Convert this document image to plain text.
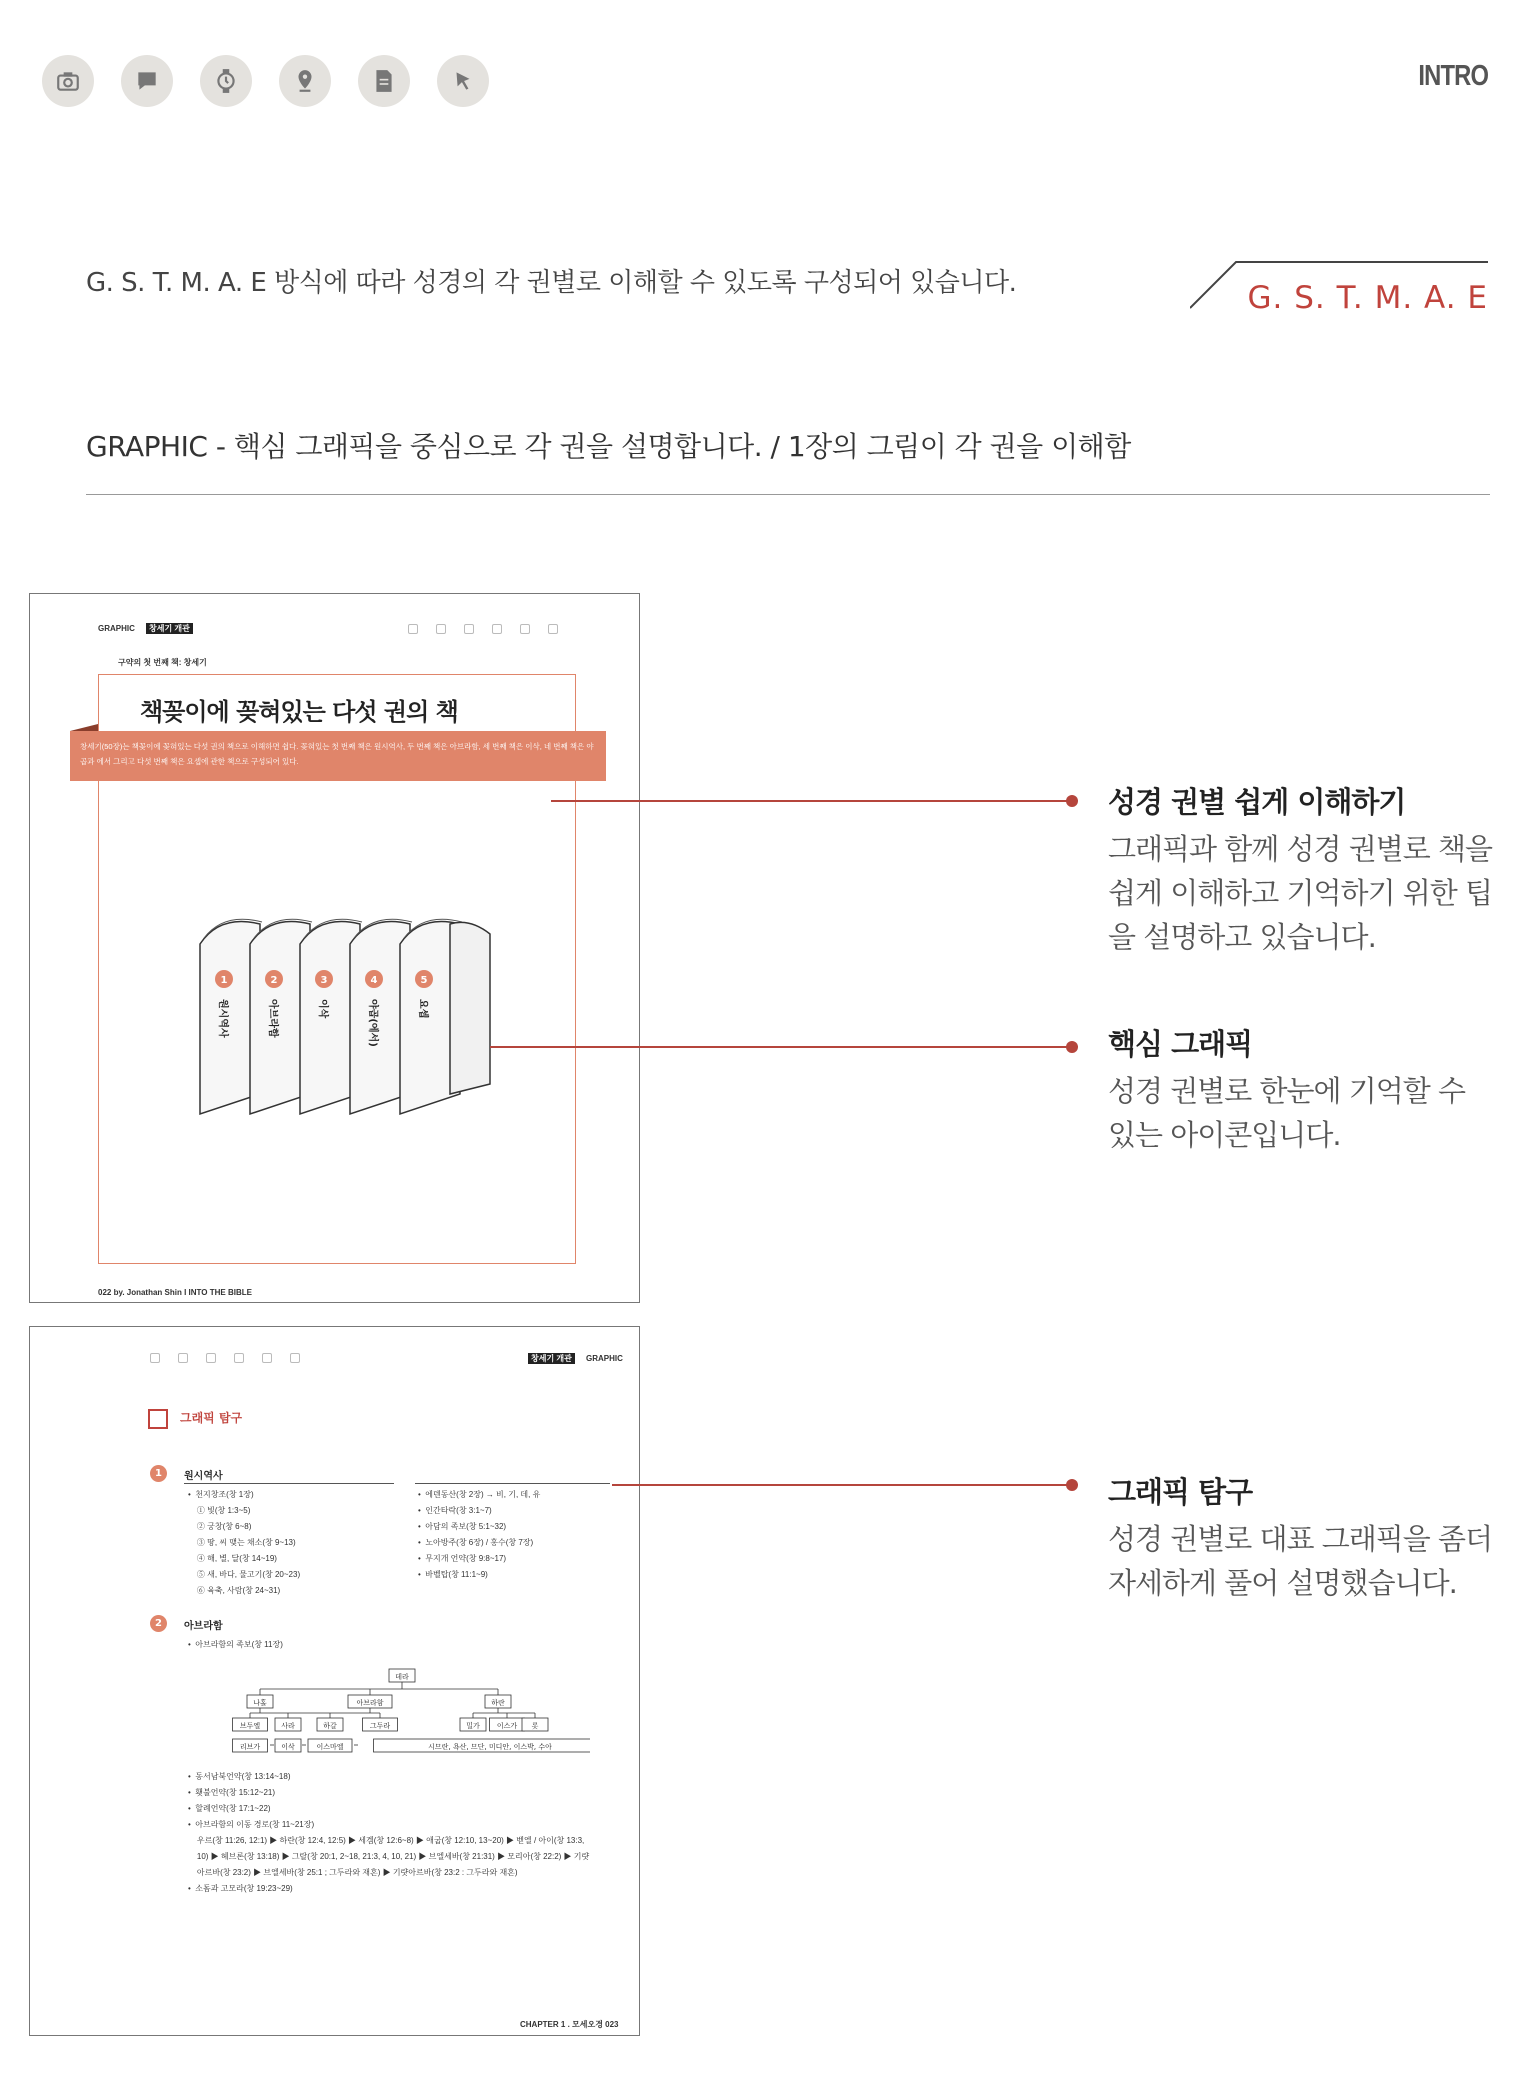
INTRO
G. S. T. M. A. E 방식에 따라 성경의 각 권별로 이해할 수 있도록 구성되어 있습니다.	G. S. T. M. A. E
GRAPHIC - 핵심 그래픽을 중심으로 각 권을 설명합니다. / 1장의 그림이 각 권을 이해함
GRAPHIC	창세기 개관
구약의 첫 번째 책: 창세기
책꽂이에 꽂혀있는 다섯 권의 책
창세기(50장)는 책꽂이에 꽂혀있는 다섯 권의 책으로 이해하면 쉽다. 꽂혀있는 첫 번째 책은 원시역사, 두 번째 책은 아브라함, 세 번째 책은 이삭, 네 번째 책은 야곱과 에서 그리고 다섯 번째 책은 요셉에 관한 책으로 구성되어 있다.
1
원시역사
2
아브라함
3
이삭
4
야곱(에서)
5
요셉
022 by. Jonathan Shin I INTO THE BIBLE
창세기 개관	GRAPHIC
그래픽 탐구
1	원시역사
•  천지창조(창 1장)
① 빛(창 1:3~5)
② 궁창(창 6~8)
③ 땅, 씨 맺는 채소(창 9~13)
④ 해, 별, 달(창 14~19)
⑤ 새, 바다, 물고기(창 20~23)
⑥ 육축, 사람(창 24~31)
•  에덴동산(창 2장) → 비, 기, 데, 유
•  인간타락(창 3:1~7)
•  아담의 족보(창 5:1~32)
•  노아방주(창 6장) / 홍수(창 7장)
•  무지개 언약(창 9:8~17)
•  바벨탑(창 11:1~9)
2	아브라함
•  아브라함의 족보(창 11장)
데라
나홀	아브라함	하란
브두엘	사라	하갈	그두라	밀가 이스가 롯
리브가	이삭	이스마엘	시므란, 욕산, 므단, 미디안, 이스박, 수아
•  동서남북언약(창 13:14~18)
•  횃불언약(창 15:12~21)
•  할례언약(창 17:1~22)
•  아브라함의 이동 경로(창 11~21장)
우르(창 11:26, 12:1) ▶ 하란(창 12:4, 12:5) ▶ 세겜(창 12:6~8) ▶ 애굽(창 12:10, 13~20) ▶ 벧엘 / 아이(창 13:3,
10) ▶ 헤브론(창 13:18) ▶ 그랄(창 20:1, 2~18, 21:3, 4, 10, 21) ▶ 브엘세바(창 21:31) ▶ 모리아(창 22:2) ▶ 기럇
아르바(창 23:2) ▶ 브엘세바(창 25:1 ; 그두라와 재혼) ▶ 기럇아르바(창 23:2 : 그두라와 재혼)
•  소돔과 고모라(창 19:23~29)
CHAPTER 1 . 모세오경 023
성경 권별 쉽게 이해하기

그래픽과 함께 성경 권별로 책을 쉽게 이해하고 기억하기 위한 팁을 설명하고 있습니다.

핵심 그래픽

성경 권별로 한눈에 기억할 수 있는 아이콘입니다.

그래픽 탐구

성경 권별로 대표 그래픽을 좀더 자세하게 풀어 설명했습니다.
